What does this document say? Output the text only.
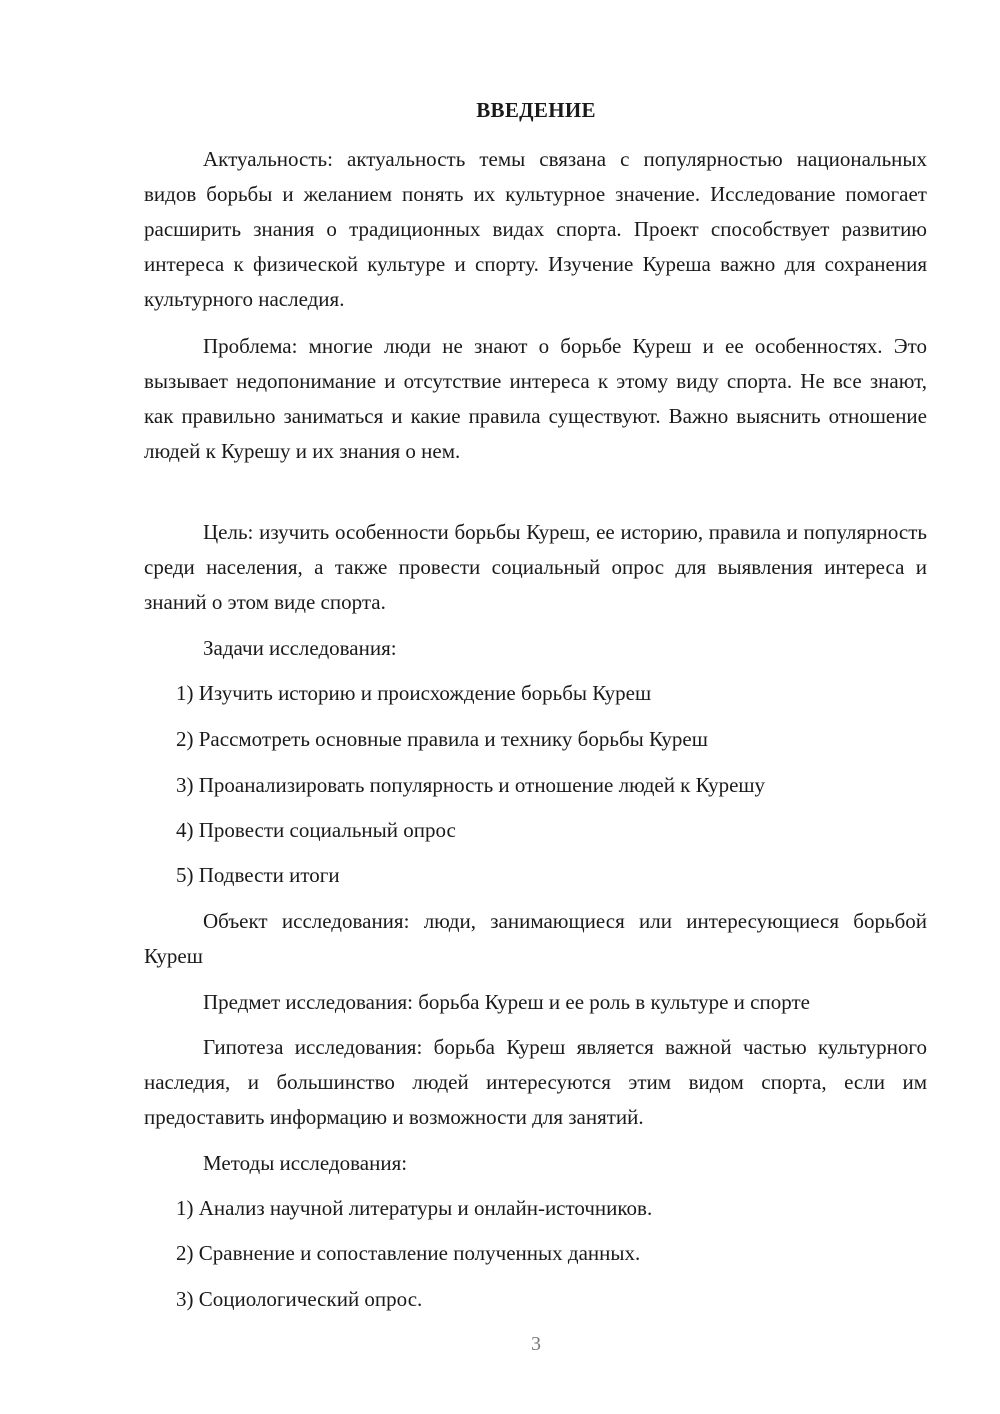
ВВЕДЕНИЕ

Актуальность: актуальность темы связана с популярностью национальных видов борьбы и желанием понять их культурное значение. Исследование помогает расширить знания о традиционных видах спорта. Проект способствует развитию интереса к физической культуре и спорту. Изучение Куреша важно для сохранения культурного наследия.

Проблема: многие люди не знают о борьбе Куреш и ее особенностях. Это вызывает недопонимание и отсутствие интереса к этому виду спорта. Не все знают, как правильно заниматься и какие правила существуют. Важно выяснить отношение людей к Курешу и их знания о нем.

Цель: изучить особенности борьбы Куреш, ее историю, правила и популярность среди населения, а также провести социальный опрос для выявления интереса и знаний о этом виде спорта.

Задачи исследования:

1) Изучить историю и происхождение борьбы Куреш

2) Рассмотреть основные правила и технику борьбы Куреш

3) Проанализировать популярность и отношение людей к Курешу

4) Провести социальный опрос

5) Подвести итоги

Объект исследования: люди, занимающиеся или интересующиеся борьбой Куреш

Предмет исследования: борьба Куреш и ее роль в культуре и спорте

Гипотеза исследования: борьба Куреш является важной частью культурного наследия, и большинство людей интересуются этим видом спорта, если им предоставить информацию и возможности для занятий.

Методы исследования:

1) Анализ научной литературы и онлайн-источников.

2) Сравнение и сопоставление полученных данных.

3) Социологический опрос.

3
